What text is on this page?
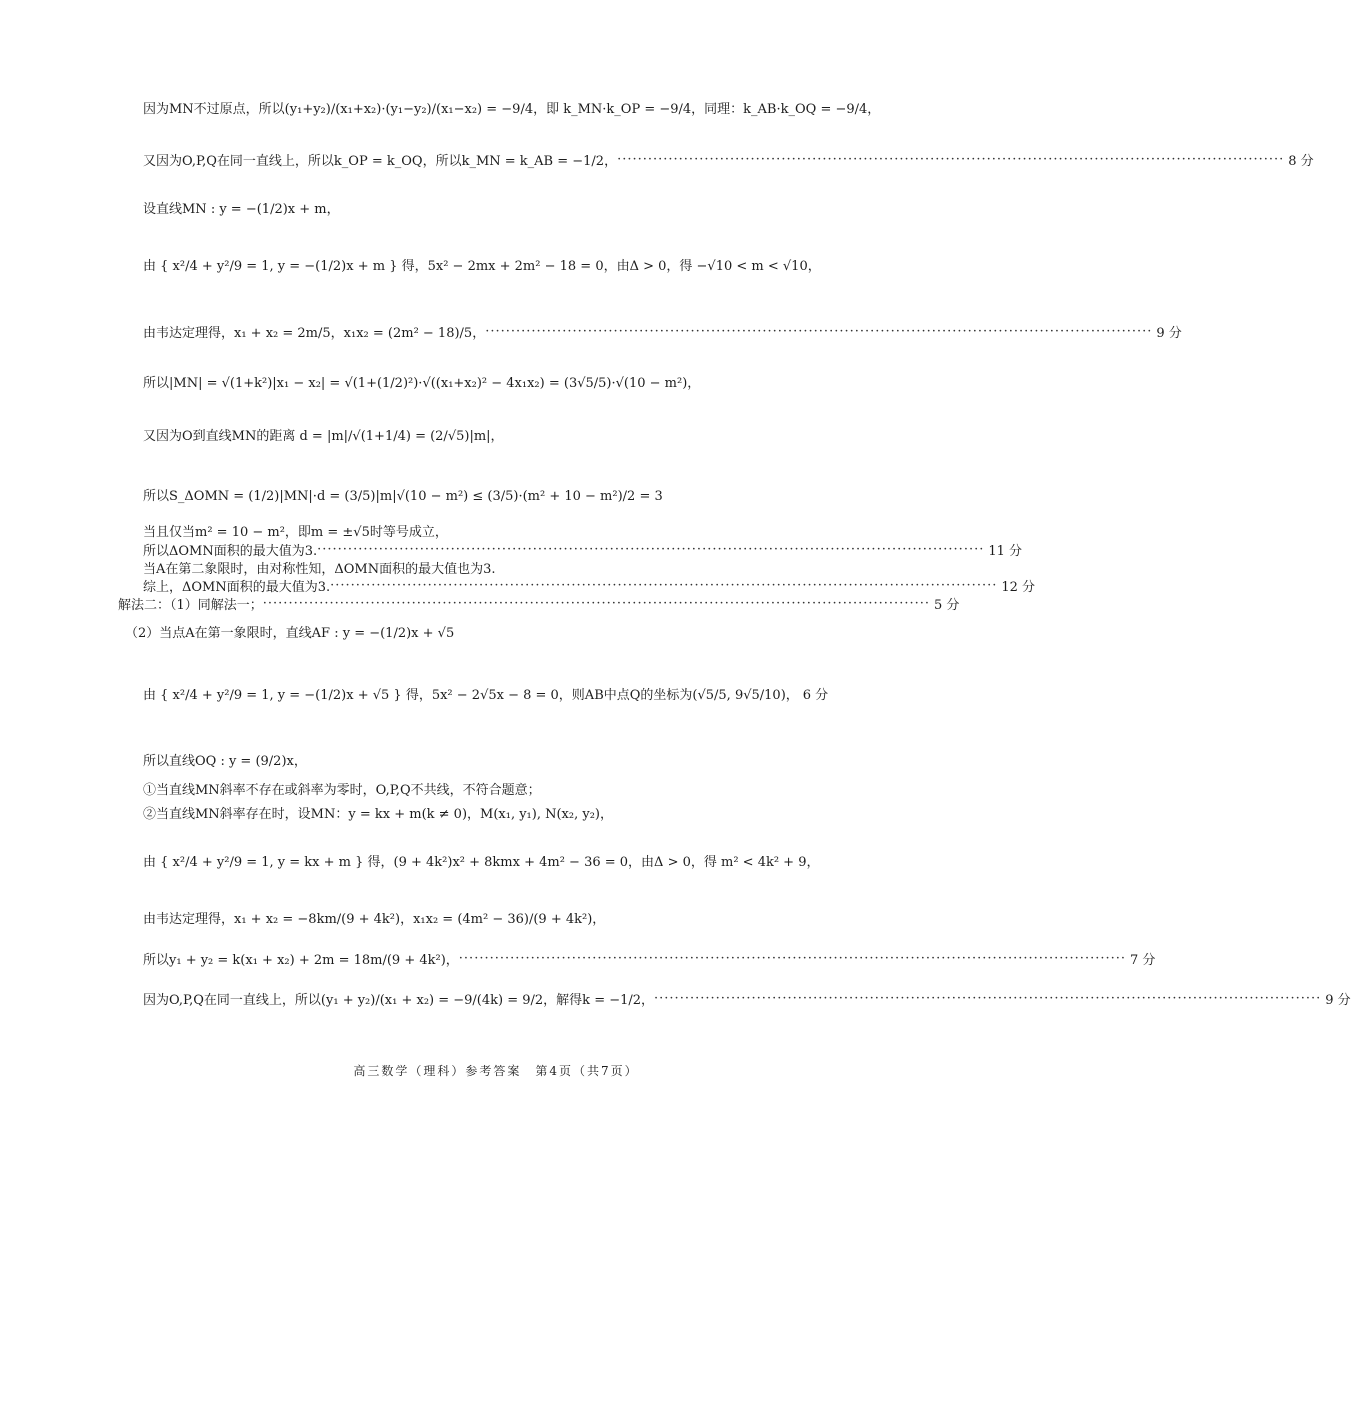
因为MN不过原点，所以(y₁+y₂)/(x₁+x₂)·(y₁−y₂)/(x₁−x₂) = −9/4，即 k_MN·k_OP = −9/4，同理：k_AB·k_OQ = −9/4，
又因为O,P,Q在同一直线上，所以k_OP = k_OQ，所以k_MN = k_AB = −1/2， ·································································································································· 8 分
设直线MN : y = −(1/2)x + m，
由 { x²/4 + y²/9 = 1, y = −(1/2)x + m } 得，5x² − 2mx + 2m² − 18 = 0，由Δ > 0，得 −√10 < m < √10，
由韦达定理得，x₁ + x₂ = 2m/5，x₁x₂ = (2m² − 18)/5， ·································································································································· 9 分
所以|MN| = √(1+k²)|x₁ − x₂| = √(1+(1/2)²)·√((x₁+x₂)² − 4x₁x₂) = (3√5/5)·√(10 − m²)，
又因为O到直线MN的距离 d = |m|/√(1+1/4) = (2/√5)|m|，
所以S_ΔOMN = (1/2)|MN|·d = (3/5)|m|√(10 − m²) ≤ (3/5)·(m² + 10 − m²)/2 = 3
当且仅当m² = 10 − m²，即m = ±√5时等号成立，
所以ΔOMN面积的最大值为3. ·································································································································· 11 分
当A在第二象限时，由对称性知，ΔOMN面积的最大值也为3.
综上，ΔOMN面积的最大值为3. ·································································································································· 12 分
解法二：（1）同解法一； ·································································································································· 5 分
（2）当点A在第一象限时，直线AF : y = −(1/2)x + √5
由 { x²/4 + y²/9 = 1, y = −(1/2)x + √5 } 得，5x² − 2√5x − 8 = 0，则AB中点Q的坐标为(√5/5, 9√5/10)， 6 分
所以直线OQ : y = (9/2)x，
①当直线MN斜率不存在或斜率为零时，O,P,Q不共线，不符合题意；
②当直线MN斜率存在时，设MN：y = kx + m(k ≠ 0)，M(x₁, y₁), N(x₂, y₂)，
由 { x²/4 + y²/9 = 1, y = kx + m } 得，(9 + 4k²)x² + 8kmx + 4m² − 36 = 0，由Δ > 0，得 m² < 4k² + 9，
由韦达定理得，x₁ + x₂ = −8km/(9 + 4k²)，x₁x₂ = (4m² − 36)/(9 + 4k²)，
所以y₁ + y₂ = k(x₁ + x₂) + 2m = 18m/(9 + 4k²)， ·································································································································· 7 分
因为O,P,Q在同一直线上，所以(y₁ + y₂)/(x₁ + x₂) = −9/(4k) = 9/2，解得k = −1/2， ·································································································································· 9 分
高三数学（理科）参考答案　第4页（共7页）
